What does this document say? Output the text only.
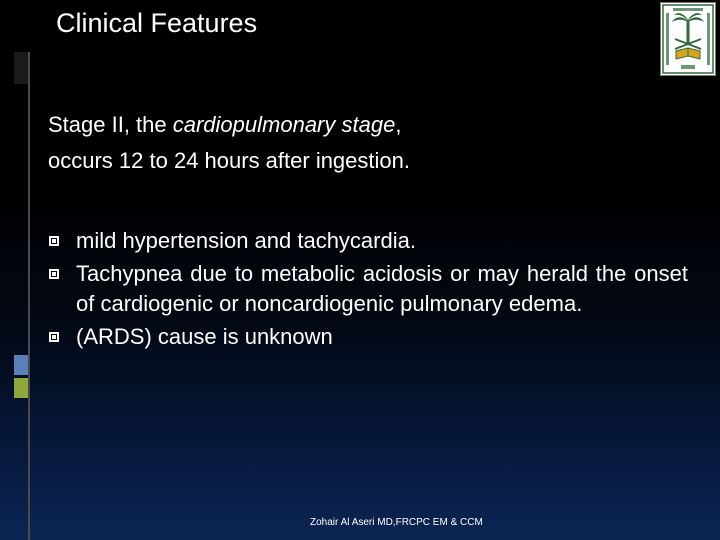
Clinical Features

Stage II, the cardiopulmonary stage,

occurs 12 to 24 hours after ingestion.

mild hypertension and tachycardia.
Tachypnea due to metabolic acidosis or may herald the onset of cardiogenic or noncardiogenic pulmonary edema.
(ARDS) cause is unknown
Zohair Al Aseri MD,FRCPC EM & CCM
